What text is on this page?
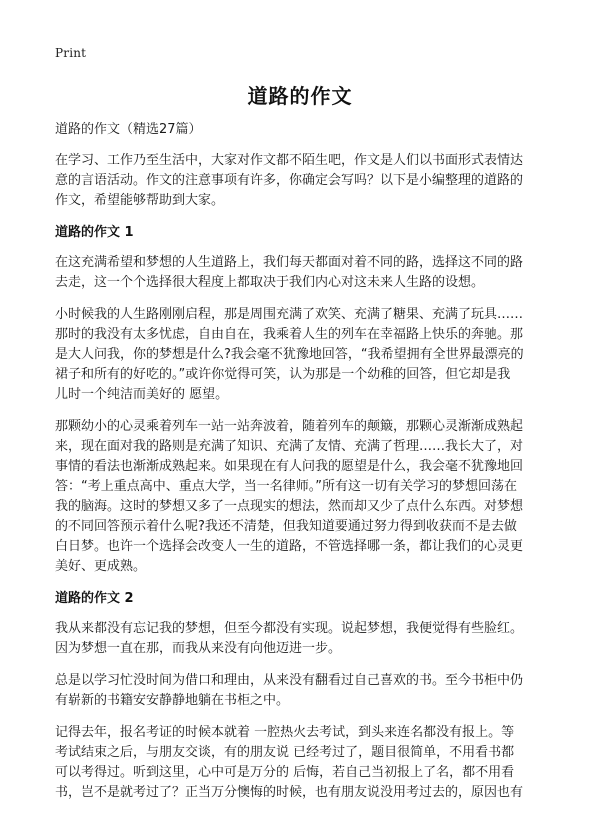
Print
道路的作文
道路的作文（精选27篇）

在学习、工作乃至生活中，大家对作文都不陌生吧，作文是人们以书面形式表情达
意的言语活动。作文的注意事项有许多，你确定会写吗？以下是小编整理的道路的
作文，希望能够帮助到大家。

道路的作文 1

在这充满希望和梦想的人生道路上，我们每天都面对着不同的路，选择这不同的路
去走，这一个个选择很大程度上都取决于我们内心对这未来人生路的设想。

小时候我的人生路刚刚启程，那是周围充满了欢笑、充满了糖果、充满了玩具……
那时的我没有太多忧虑，自由自在，我乘着人生的列车在幸福路上快乐的奔驰。那
是大人问我，你的梦想是什么?我会毫不犹豫地回答，“我希望拥有全世界最漂亮的
裙子和所有的好吃的。”或许你觉得可笑，认为那是一个幼稚的回答，但它却是我
儿时一个纯洁而美好的 愿望。

那颗幼小的心灵乘着列车一站一站奔波着，随着列车的颠簸，那颗心灵渐渐成熟起
来，现在面对我的路则是充满了知识、充满了友情、充满了哲理……我长大了，对
事情的看法也渐渐成熟起来。如果现在有人问我的愿望是什么，我会毫不犹豫地回
答：“考上重点高中、重点大学，当一名律师。”所有这一切有关学习的梦想回荡在
我的脑海。这时的梦想又多了一点现实的想法，然而却又少了点什么东西。对梦想
的不同回答预示着什么呢?我还不清楚，但我知道要通过努力得到收获而不是去做
白日梦。也许一个选择会改变人一生的道路，不管选择哪一条，都让我们的心灵更
美好、更成熟。

道路的作文 2

我从来都没有忘记我的梦想，但至今都没有实现。说起梦想，我便觉得有些脸红。
因为梦想一直在那，而我从来没有向他迈进一步。

总是以学习忙没时间为借口和理由，从来没有翻看过自己喜欢的书。至今书柜中仍
有崭新的书籍安安静静地躺在书柜之中。

记得去年，报名考证的时候本就着 一腔热火去考试，到头来连名都没有报上。等
考试结束之后，与朋友交谈，有的朋友说 已经考过了，题目很简单，不用看书都
可以考得过。听到这里，心中可是万分的 后悔，若自己当初报上了名，都不用看
书，岂不是就考过了？正当万分懊悔的时候，也有朋友说没用考过去的，原因也有
